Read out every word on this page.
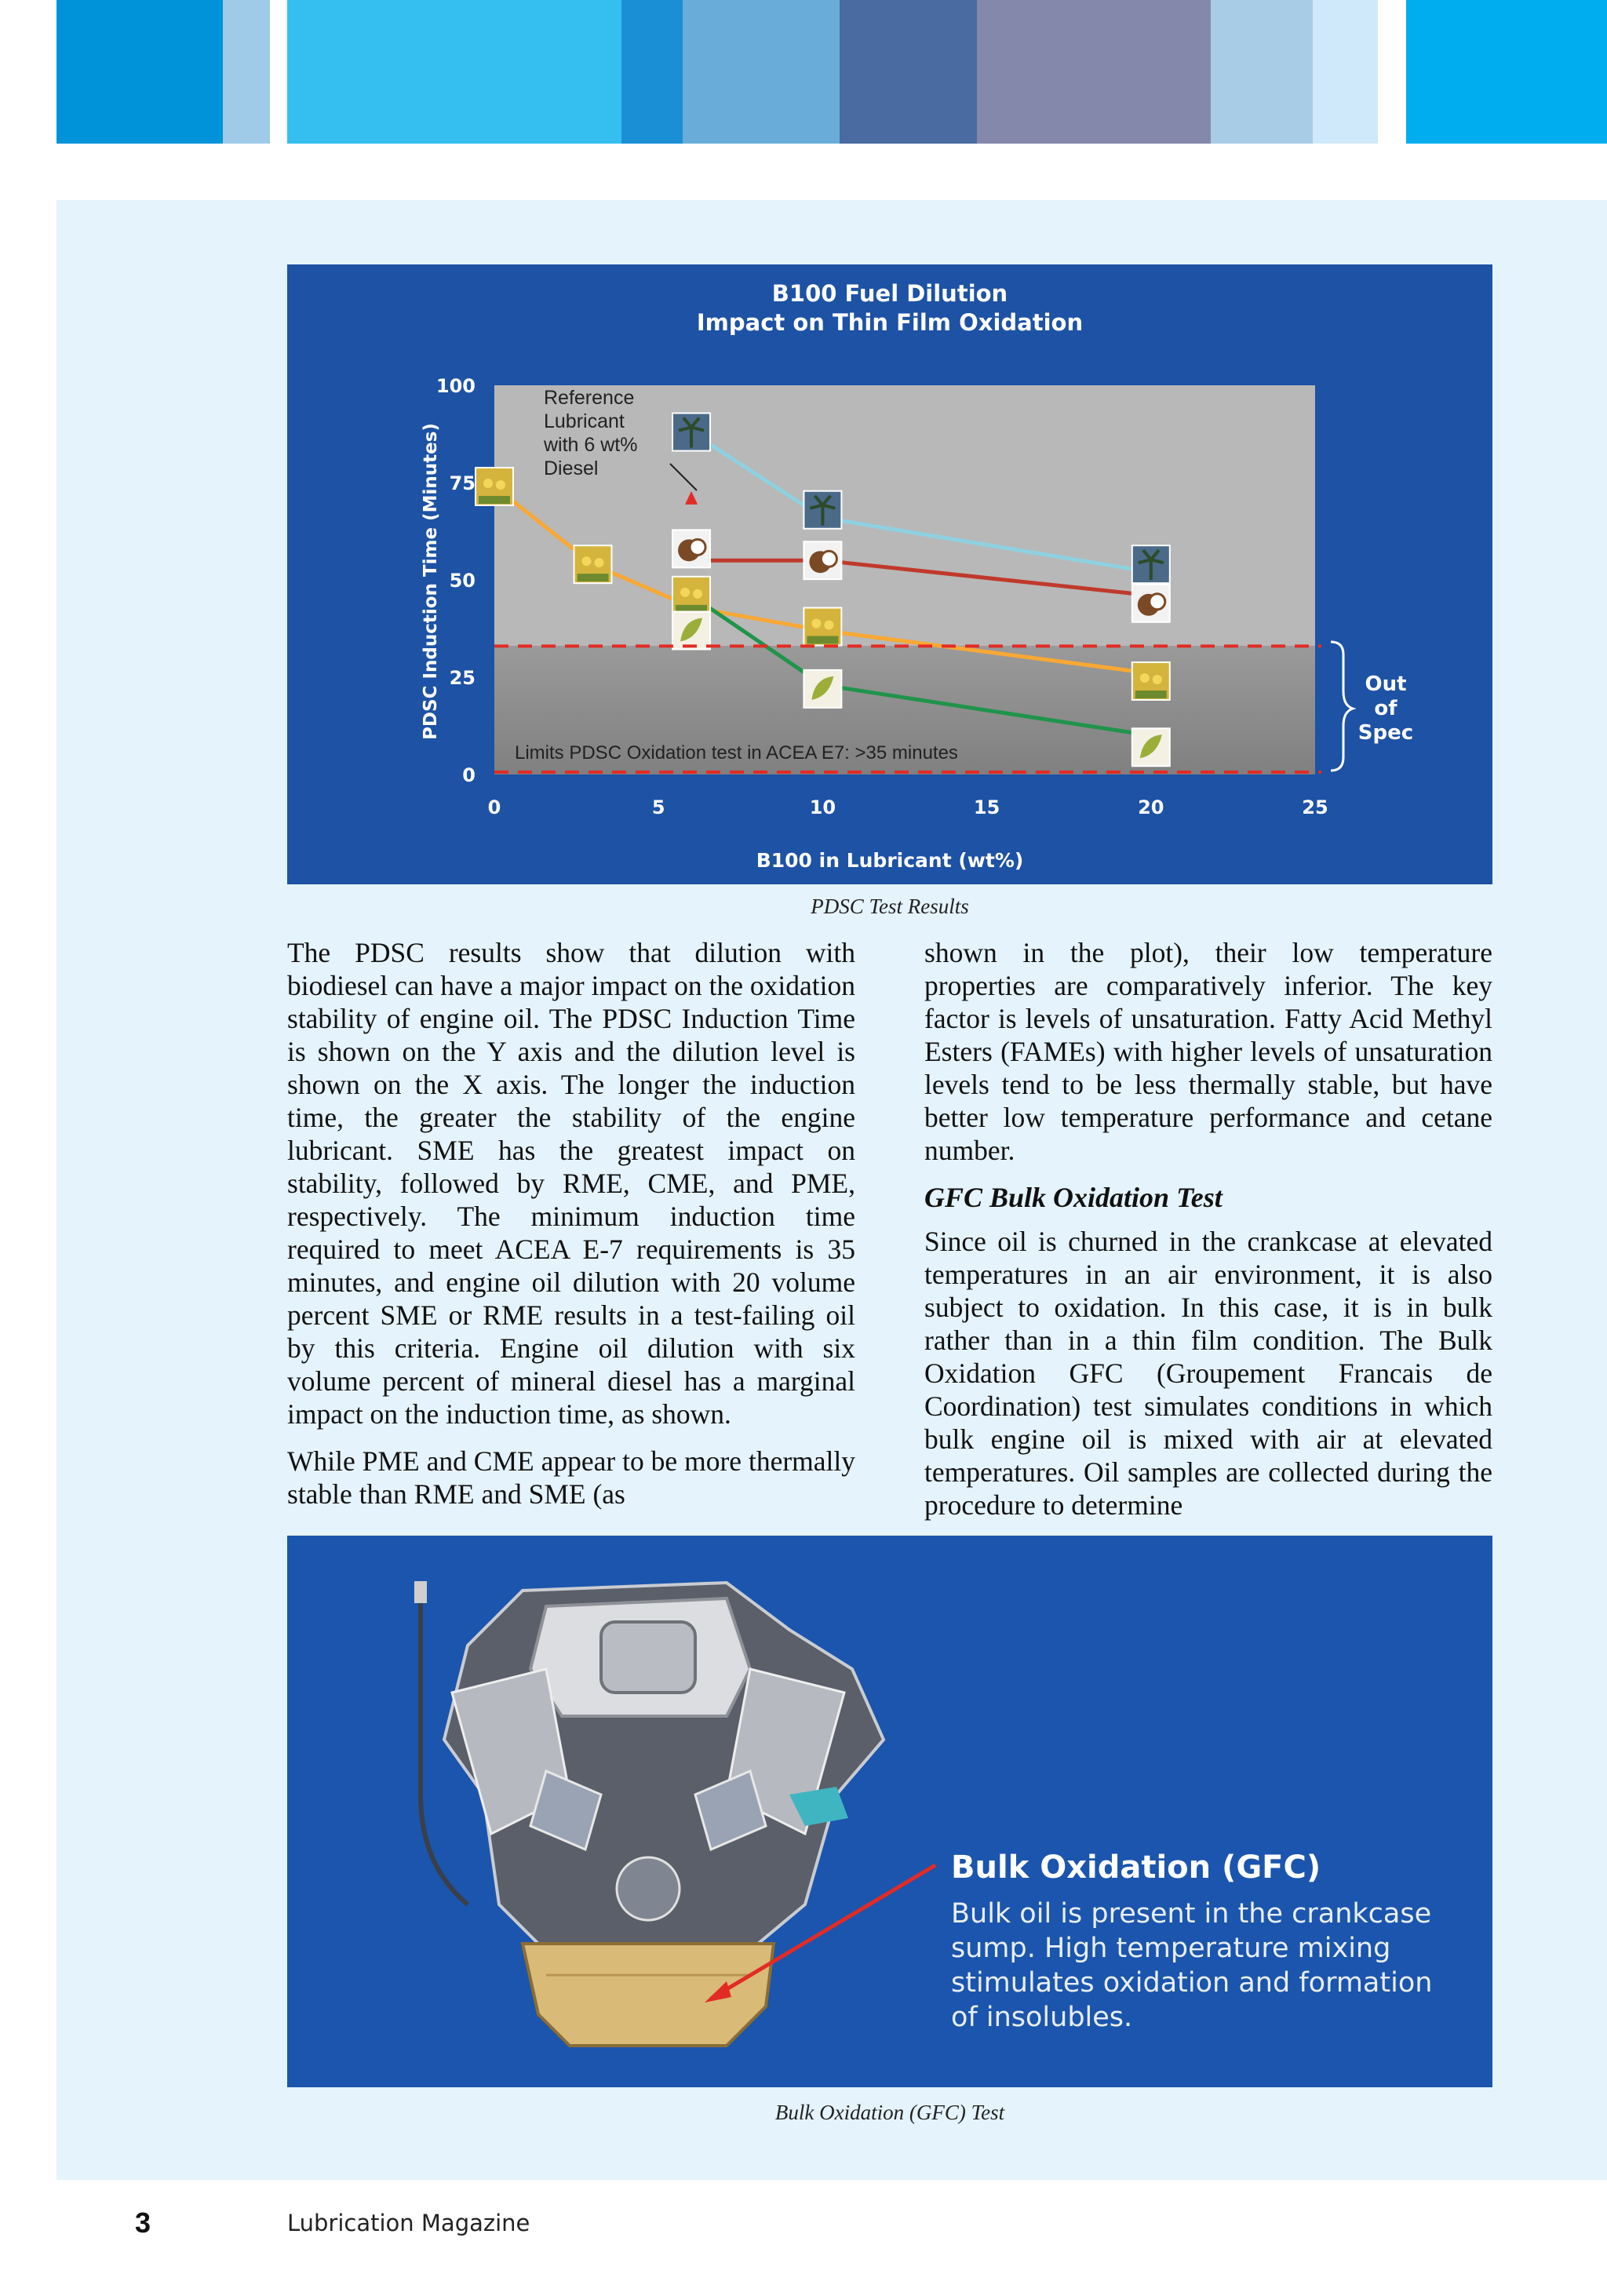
B100 Fuel Dilution
Impact on Thin Film Oxidation
PDSC Induction Time (Minutes)
B100 in Lubricant (wt%)
0
25
50
75
100
0	5	10	15	20	25
Limits PDSC Oxidation test in ACEA E7: >35 minutes
Reference
Lubricant
with 6 wt%
Diesel
Out
of
Spec
PDSC Test Results

The PDSC results show that dilution with biodiesel can have a major impact on the oxidation stability of engine oil. The PDSC Induction Time is shown on the Y axis and the dilution level is shown on the X axis. The longer the induction time, the greater the stability of the engine lubricant. SME has the greatest impact on stability, followed by RME, CME, and PME, respectively. The minimum induction time required to meet ACEA E-7 requirements is 35 minutes, and engine oil dilution with 20 volume percent SME or RME results in a test-failing oil by this criteria. Engine oil dilution with six volume percent of mineral diesel has a marginal impact on the induction time, as shown.

While PME and CME appear to be more thermally stable than RME and SME (as

shown in the plot), their low temperature properties are comparatively inferior. The key factor is levels of unsaturation. Fatty Acid Methyl Esters (FAMEs) with higher levels of unsaturation levels tend to be less thermally stable, but have better low temperature performance and cetane number.

GFC Bulk Oxidation Test

Since oil is churned in the crankcase at elevated temperatures in an air environment, it is also subject to oxidation. In this case, it is in bulk rather than in a thin film condition. The Bulk Oxidation GFC (Groupement Francais de Coordination) test simulates conditions in which bulk engine oil is mixed with air at elevated temperatures. Oil samples are collected during the procedure to determine

Bulk Oxidation (GFC)
Bulk oil is present in the crankcase sump. High temperature mixing stimulates oxidation and formation of insolubles.
Bulk Oxidation (GFC) Test
3	Lubrication Magazine
